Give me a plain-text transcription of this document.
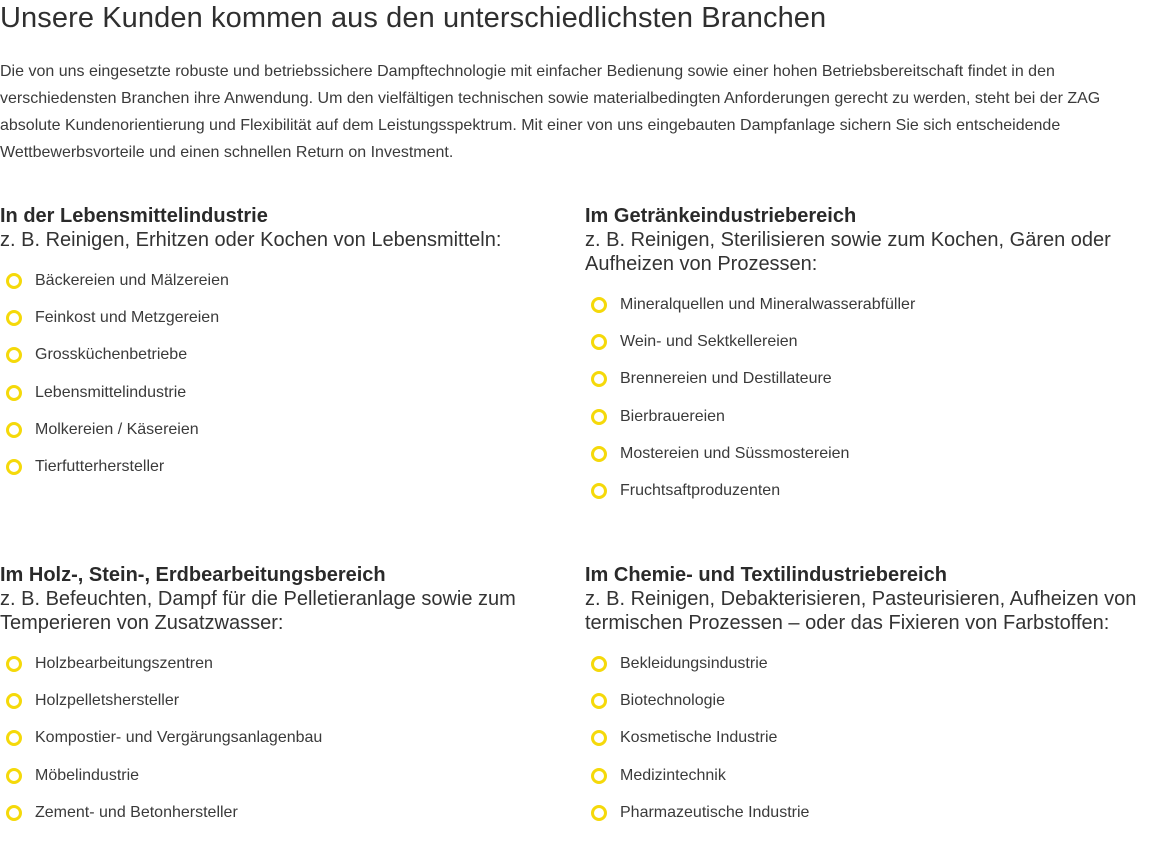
Unsere Kunden kommen aus den unterschiedlichsten Branchen

Die von uns eingesetzte robuste und betriebssichere Dampftechnologie mit einfacher Bedienung sowie einer hohen Betriebsbereitschaft findet in den verschiedensten Branchen ihre Anwendung. Um den vielfältigen technischen sowie materialbedingten Anforderungen gerecht zu werden, steht bei der ZAG absolute Kundenorientierung und Flexibilität auf dem Leistungsspektrum. Mit einer von uns eingebauten Dampfanlage sichern Sie sich entscheidende Wettbewerbsvorteile und einen schnellen Return on Investment.

In der Lebensmittelindustrie

z. B. Reinigen, Erhitzen oder Kochen von Lebensmitteln:

Bäckereien und Mälzereien
Feinkost und Metzgereien
Grossküchenbetriebe
Lebensmittelindustrie
Molkereien / Käsereien
Tierfutterhersteller
Im Getränkeindustriebereich

z. B. Reinigen, Sterilisieren sowie zum Kochen, Gären oder Aufheizen von Prozessen:

Mineralquellen und Mineralwasserabfüller
Wein- und Sektkellereien
Brennereien und Destillateure
Bierbrauereien
Mostereien und Süssmostereien
Fruchtsaftproduzenten
Im Holz-, Stein-, Erdbearbeitungsbereich

z. B. Befeuchten, Dampf für die Pelletieranlage sowie zum Temperieren von Zusatzwasser:

Holzbearbeitungszentren
Holzpelletshersteller
Kompostier- und Vergärungsanlagenbau
Möbelindustrie
Zement- und Betonhersteller
Im Chemie- und Textilindustriebereich

z. B. Reinigen, Debakterisieren, Pasteurisieren, Aufheizen von termischen Prozessen – oder das Fixieren von Farbstoffen:

Bekleidungsindustrie
Biotechnologie
Kosmetische Industrie
Medizintechnik
Pharmazeutische Industrie
